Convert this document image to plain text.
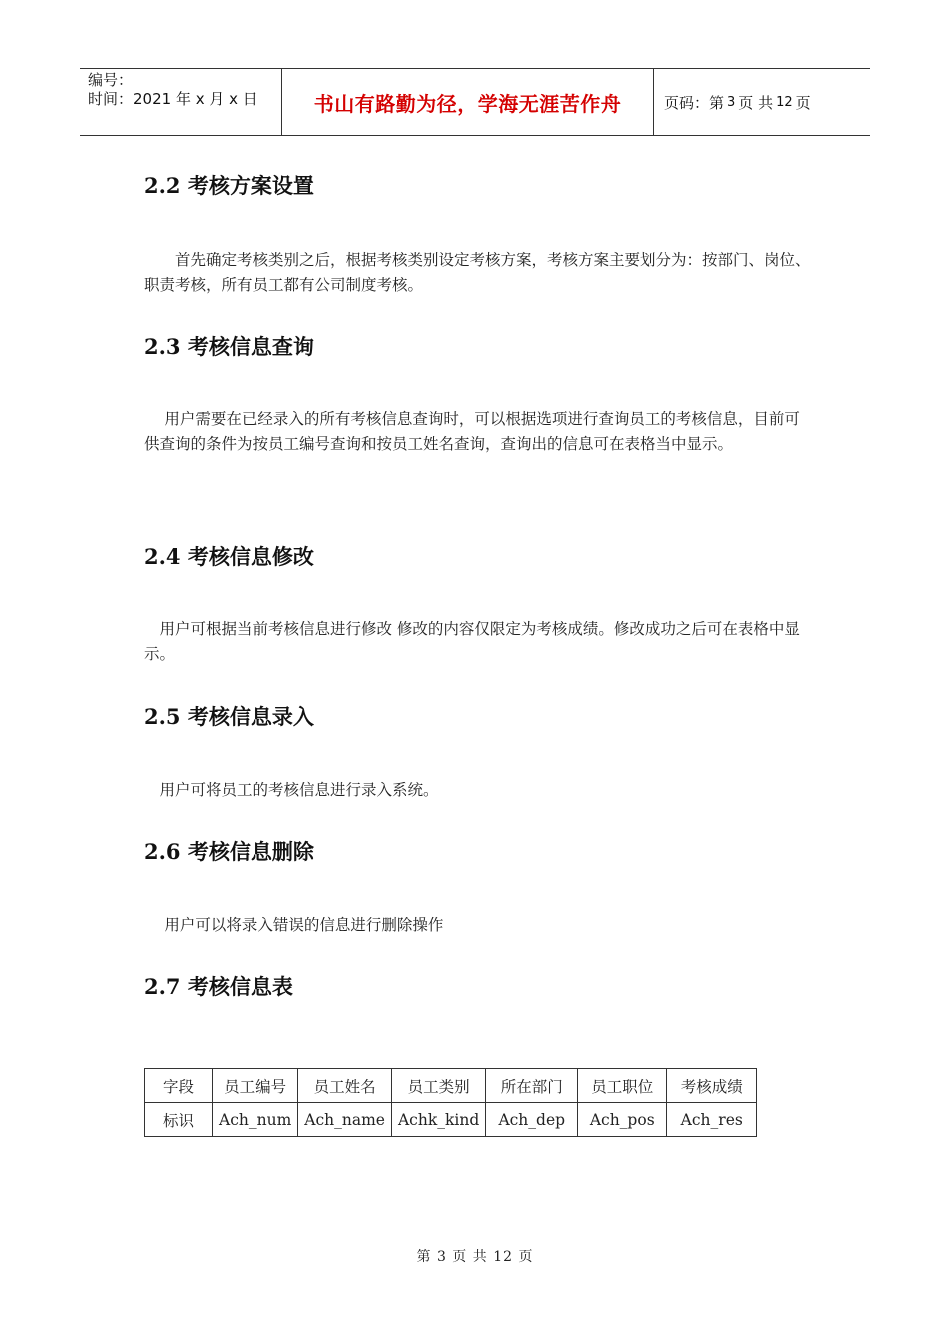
编号：
时间：2021 年 x 月 x 日	书山有路勤为径，学海无涯苦作舟	页码：第 3 页 共 12 页
2.2 考核方案设置

　　首先确定考核类别之后，根据考核类别设定考核方案，考核方案主要划分为：按部门、岗位、职责考核，所有员工都有公司制度考核。

2.3 考核信息查询

　 用户需要在已经录入的所有考核信息查询时，可以根据选项进行查询员工的考核信息，目前可供查询的条件为按员工编号查询和按员工姓名查询，查询出的信息可在表格当中显示。

2.4 考核信息修改

　用户可根据当前考核信息进行修改 修改的内容仅限定为考核成绩。修改成功之后可在表格中显示。

2.5 考核信息录入

　用户可将员工的考核信息进行录入系统。

2.6 考核信息删除

　 用户可以将录入错误的信息进行删除操作

2.7 考核信息表
字段	员工编号	员工姓名	员工类别	所在部门	员工职位	考核成绩
标识	Ach_num	Ach_name	Achk_kind	Ach_dep	Ach_pos	Ach_res
第 3 页 共 12 页
